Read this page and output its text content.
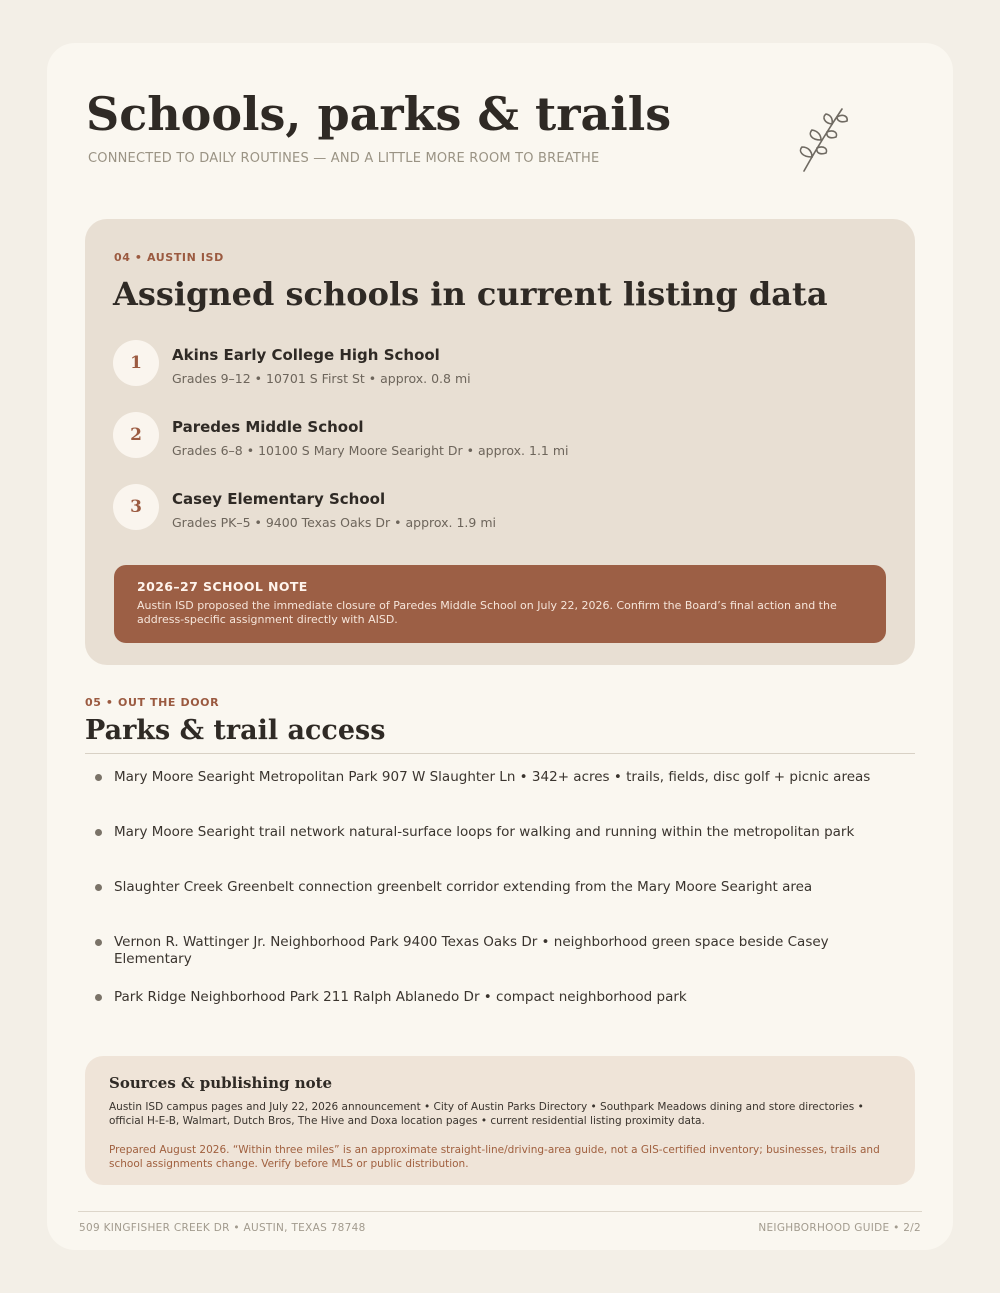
Schools, parks & trails
CONNECTED TO DAILY ROUTINES — AND A LITTLE MORE ROOM TO BREATHE
04 • AUSTIN ISD
Assigned schools in current listing data
1	Akins Early College High School
Grades 9–12 • 10701 S First St • approx. 0.8 mi
2	Paredes Middle School
Grades 6–8 • 10100 S Mary Moore Searight Dr • approx. 1.1 mi
3	Casey Elementary School
Grades PK–5 • 9400 Texas Oaks Dr • approx. 1.9 mi
2026–27 SCHOOL NOTE
Austin ISD proposed the immediate closure of Paredes Middle School on July 22, 2026. Confirm the Board’s final action and the address-specific assignment directly with AISD.
05 • OUT THE DOOR
Parks & trail access
Mary Moore Searight Metropolitan Park 907 W Slaughter Ln • 342+ acres • trails, fields, disc golf + picnic areas
Mary Moore Searight trail network natural-surface loops for walking and running within the metropolitan park
Slaughter Creek Greenbelt connection greenbelt corridor extending from the Mary Moore Searight area
Vernon R. Wattinger Jr. Neighborhood Park 9400 Texas Oaks Dr • neighborhood green space beside Casey Elementary
Park Ridge Neighborhood Park 211 Ralph Ablanedo Dr • compact neighborhood park
Sources & publishing note

Austin ISD campus pages and July 22, 2026 announcement • City of Austin Parks Directory • Southpark Meadows dining and store directories • official H-E-B, Walmart, Dutch Bros, The Hive and Doxa location pages • current residential listing proximity data.

Prepared August 2026. “Within three miles” is an approximate straight-line/driving-area guide, not a GIS-certified inventory; businesses, trails and school assignments change. Verify before MLS or public distribution.

509 KINGFISHER CREEK DR • AUSTIN, TEXAS 78748	NEIGHBORHOOD GUIDE • 2/2
